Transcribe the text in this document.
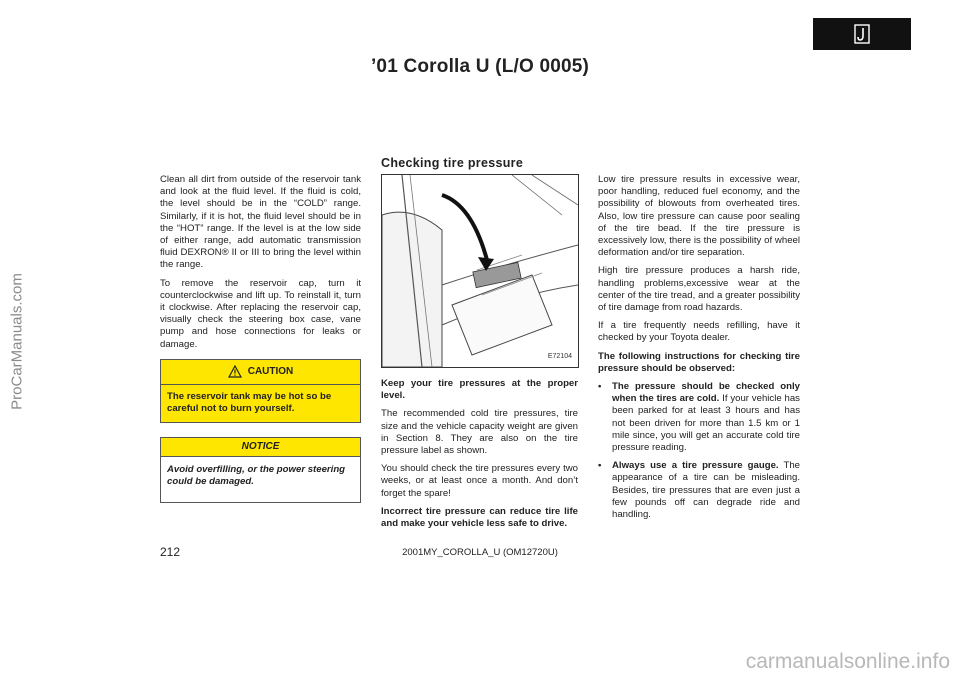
’01 Corolla U (L/O 0005)
ProCarManuals.com

Clean all dirt from outside of the reservoir tank and look at the fluid level. If the fluid is cold, the level should be in the “COLD” range. Similarly, if it is hot, the fluid level should be in the “HOT” range. If the level is at the low side of either range, add automatic transmission fluid DEXRON® II or III to bring the level within the range.

To remove the reservoir cap, turn it counterclockwise and lift up. To reinstall it, turn it clockwise. After replacing the reservoir cap, visually check the steering box case, vane pump and hose connections for leaks or damage.

CAUTION
The reservoir tank may be hot so be careful not to burn yourself.
NOTICE
Avoid overfilling, or the power steering could be damaged.
Checking tire pressure
E72104

Keep your tire pressures at the proper level.

The recommended cold tire pressures, tire size and the vehicle capacity weight are given in Section 8. They are also on the tire pressure label as shown.

You should check the tire pressures every two weeks, or at least once a month. And don’t forget the spare!

Incorrect tire pressure can reduce tire life and make your vehicle less safe to drive.

Low tire pressure results in excessive wear, poor handling, reduced fuel economy, and the possibility of blowouts from overheated tires. Also, low tire pressure can cause poor sealing of the tire bead. If the tire pressure is excessively low, there is the possibility of wheel deformation and/or tire separation.

High tire pressure produces a harsh ride, handling problems,excessive wear at the center of the tire tread, and a greater possibility of tire damage from road hazards.

If a tire frequently needs refilling, have it checked by your Toyota dealer.

The following instructions for checking tire pressure should be observed:

•	The pressure should be checked only when the tires are cold. If your vehicle has been parked for at least 3 hours and has not been driven for more than 1.5 km or 1 mile since, you will get an accurate cold tire pressure reading.
•	Always use a tire pressure gauge. The appearance of a tire can be misleading. Besides, tire pressures that are even just a few pounds off can degrade ride and handling.
212	2001MY_COROLLA_U (OM12720U)
carmanualsonline.info
